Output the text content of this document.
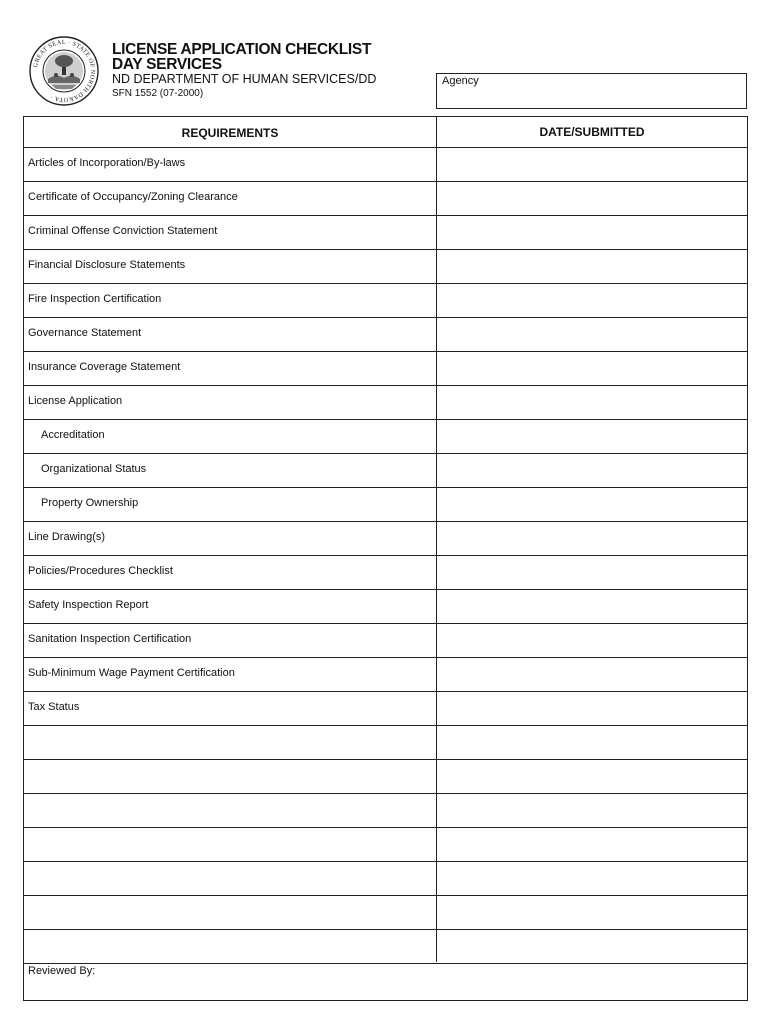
GREAT SEAL · STATE OF NORTH DAKOTA ·
LICENSE APPLICATION CHECKLIST
DAY SERVICES
ND DEPARTMENT OF HUMAN SERVICES/DD
SFN 1552 (07-2000)
Agency
REQUIREMENTS	DATE/SUBMITTED
Articles of Incorporation/By-laws
Certificate of Occupancy/Zoning Clearance
Criminal Offense Conviction Statement
Financial Disclosure Statements
Fire Inspection Certification
Governance Statement
Insurance Coverage Statement
License Application
Accreditation
Organizational Status
Property Ownership
Line Drawing(s)
Policies/Procedures Checklist
Safety Inspection Report
Sanitation Inspection Certification
Sub-Minimum Wage Payment Certification
Tax Status
Reviewed By:
